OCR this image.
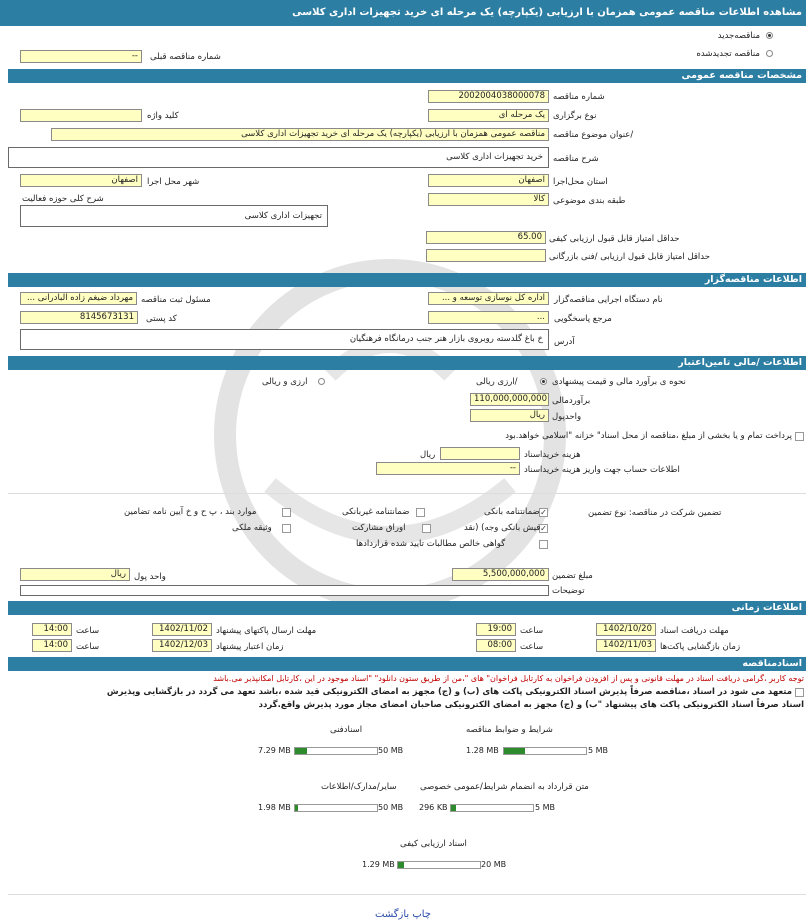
مشاهده اطلاعات مناقصه عمومی همزمان با ارزیابی (یکپارچه) یک مرحله ای خرید تجهیزات اداری کلاسی
مناقصه‌جدید
مناقصه تجدیدشده
شماره مناقصه قبلی
--
مشخصات مناقصه عمومی
شماره مناقصه
2002004038000078
نوع برگزاری
یک مرحله ای
کلید واژه
/عنوان موضوع مناقصه
مناقصه عمومی همزمان با ارزیابی (یکپارچه) یک مرحله ای خرید تجهیزات اداری کلاسی
شرح مناقصه
خرید تجهیزات اداری کلاسی
استان محل‌اجرا
اصفهان
شهر محل اجرا
اصفهان
طبقه بندی موضوعی
کالا
شرح کلی حوزه فعالیت
تجهیزات اداری کلاسی
حداقل امتیاز قابل قبول ارزیابی کیفی
65.00
حداقل امتیاز قابل قبول ارزیابی /فنی بازرگانی
اطلاعات مناقصه‌گزار
نام دستگاه اجرایی مناقصه‌گزار
اداره کل نوسازی توسعه و ...
مسئول ثبت مناقصه
مهرداد ضیغم زاده البادرانی ...
مرجع پاسخگویی
...
کد پستی
8145673131
آدرس
خ باغ گلدسته روبروی بازار هنر جنب درمانگاه فرهنگیان
اطلاعات /مالی تامین‌اعتبار
نحوه ی برآورد مالی و قیمت پیشنهادی
/ارزی ریالی
ارزی و ریالی
برآوردمالی
110,000,000,000
واحدپول
ریال
پرداخت تمام و یا بخشی از مبلغ ،مناقصه از محل اسناد" خزانه "اسلامی خواهد.بود
هزینه خریداسناد
ریال
اطلاعات حساب جهت واریز هزینه خریداسناد
--
تضمین شرکت در مناقصه: نوع تضمین
✓
ضمانتنامه بانکی
ضمانتنامه غیربانکی
موارد بند ، پ ح و خ آیین نامه تضامین
✓
فیش بانکی وجه) (نقد
اوراق مشارکت
وثیقه ملکی
گواهی خالص مطالبات تایید شده قراردادها
مبلغ تضمین
5,500,000,000
واحد پول
ریال
توضیحات
اطلاعات زمانی
مهلت دریافت اسناد
1402/10/20
ساعت
19:00
مهلت ارسال پاکتهای پیشنهاد
1402/11/02
ساعت
14:00
زمان بازگشایی پاکت‌ها
1402/11/03
ساعت
08:00
زمان اعتبار پیشنهاد
1402/12/03
ساعت
14:00
اسنادمناقصه
توجه کاربر ،گرامی دریافت اسناد در مهلت قانونی و پس از افزودن فراخوان به کارتابل فراخوان" های "،من از طریق ستون دانلود" "اسناد موجود در این ،کارتابل امکانپذیر می.باشد
متعهد می شود در اسناد ،مناقصه صرفاً پذیرش اسناد الکترونیکی پاکت های (ب) و (ج) مجهز به امضای الکترونیکی قید شده ،باشد تعهد می گردد در بازگشایی وپذیرش
اسناد صرفاً اسناد الکترونیکی پاکت های پیشنهاد "ب) و (ج) مجهز به امضای الکترونیکی صاحبان امضای مجاز مورد پذیرش واقع.گردد
شرایط و ضوابط مناقصه
5 MB
1.28 MB
اسنادفنی
50 MB
7.29 MB
متن قرارداد به انضمام شرایط/عمومی خصوصی
5 MB
296 KB
سایر/مدارک/اطلاعات
50 MB
1.98 MB
اسناد ارزیابی کیفی
20 MB
1.29 MB
چاپ بازگشت
